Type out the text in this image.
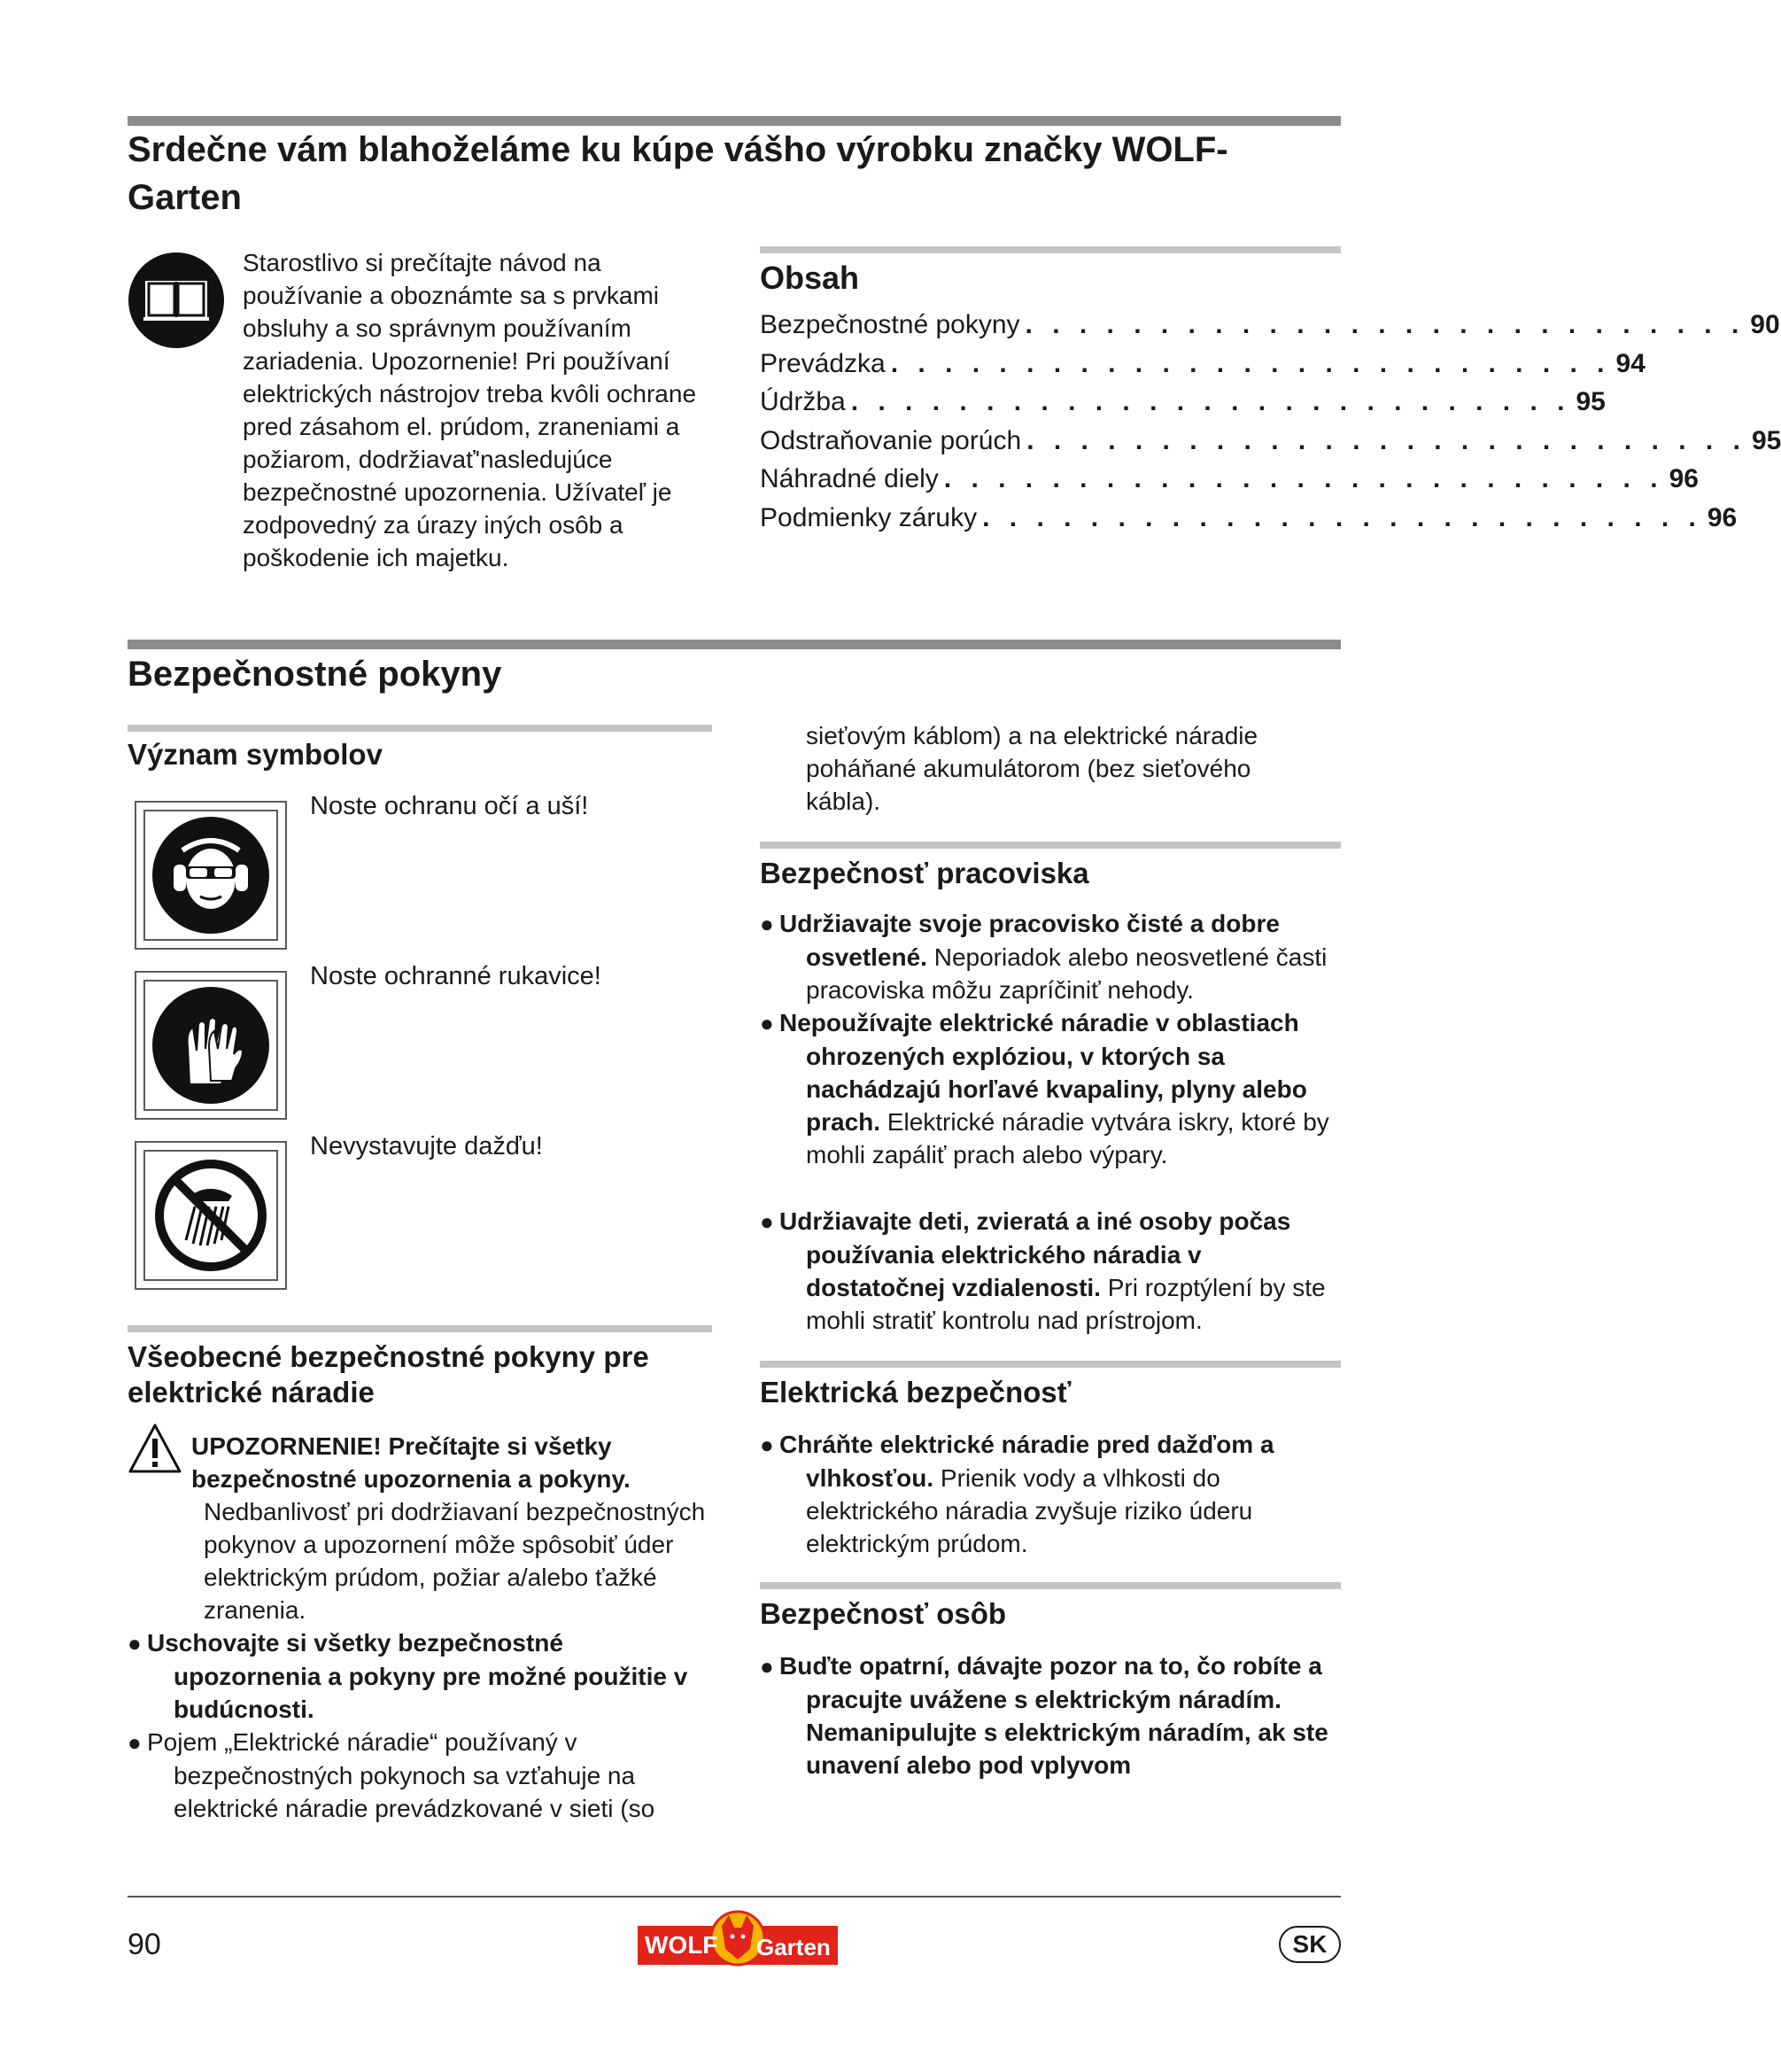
Srdečne vám blahoželáme ku kúpe vášho výrobku značky WOLF-
Garten
Starostlivo si prečítajte návod na používanie a oboznámte sa s prvkami obsluhy a so správnym používaním zariadenia. Upozornenie! Pri používaní elektrických nástrojov treba kvôli ochrane pred zásahom el. prúdom, zraneniami a požiarom, dodržiavať'nasledujúce bezpečnostné upozornenia. Užívateľ je zodpovedný za úrazy iných osôb a poškodenie ich majetku.
Obsah
Bezpečnostné pokyny . . . . . . . . . . . . . . . . . . . . . . . . . . . 90
Prevádzka . . . . . . . . . . . . . . . . . . . . . . . . . . . 94
Údržba . . . . . . . . . . . . . . . . . . . . . . . . . . . 95
Odstraňovanie porúch . . . . . . . . . . . . . . . . . . . . . . . . . . . 95
Náhradné diely . . . . . . . . . . . . . . . . . . . . . . . . . . . 96
Podmienky záruky . . . . . . . . . . . . . . . . . . . . . . . . . . . 96
Bezpečnostné pokyny
Význam symbolov
Noste ochranu očí a uší!
Noste ochranné rukavice!
Nevystavujte dažďu!
Všeobecné bezpečnostné pokyny pre
elektrické náradie
UPOZORNENIE! Prečítajte si všetky bezpečnostné upozornenia a pokyny.
Nedbanlivosť pri dodržiavaní bezpečnostných pokynov a upozornení môže spôsobiť úder elektrickým prúdom, požiar a/alebo ťažké zranenia.
● Uschovajte si všetky bezpečnostné upozornenia a pokyny pre možné použitie v budúcnosti.
● Pojem „Elektrické náradie“ používaný v bezpečnostných pokynoch sa vzťahuje na elektrické náradie prevádzkované v sieti (so
sieťovým káblom) a na elektrické náradie poháňané akumulátorom (bez sieťového kábla).
Bezpečnosť pracoviska
● Udržiavajte svoje pracovisko čisté a dobre osvetlené. Neporiadok alebo neosvetlené časti pracoviska môžu zapríčiniť nehody.
● Nepoužívajte elektrické náradie v oblastiach ohrozených explóziou, v ktorých sa nachádzajú horľavé kvapaliny, plyny alebo prach. Elektrické náradie vytvára iskry, ktoré by mohli zapáliť prach alebo výpary.
● Udržiavajte deti, zvieratá a iné osoby počas používania elektrického náradia v dostatočnej vzdialenosti. Pri rozptýlení by ste mohli stratiť kontrolu nad prístrojom.
Elektrická bezpečnosť
● Chráňte elektrické náradie pred dažďom a vlhkosťou. Prienik vody a vlhkosti do elektrického náradia zvyšuje riziko úderu elektrickým prúdom.
Bezpečnosť osôb
● Buďte opatrní, dávajte pozor na to, čo robíte a pracujte uvážene s elektrickým náradím. Nemanipulujte s elektrickým náradím, ak ste unavení alebo pod vplyvom
90	WOLF Garten	SK
